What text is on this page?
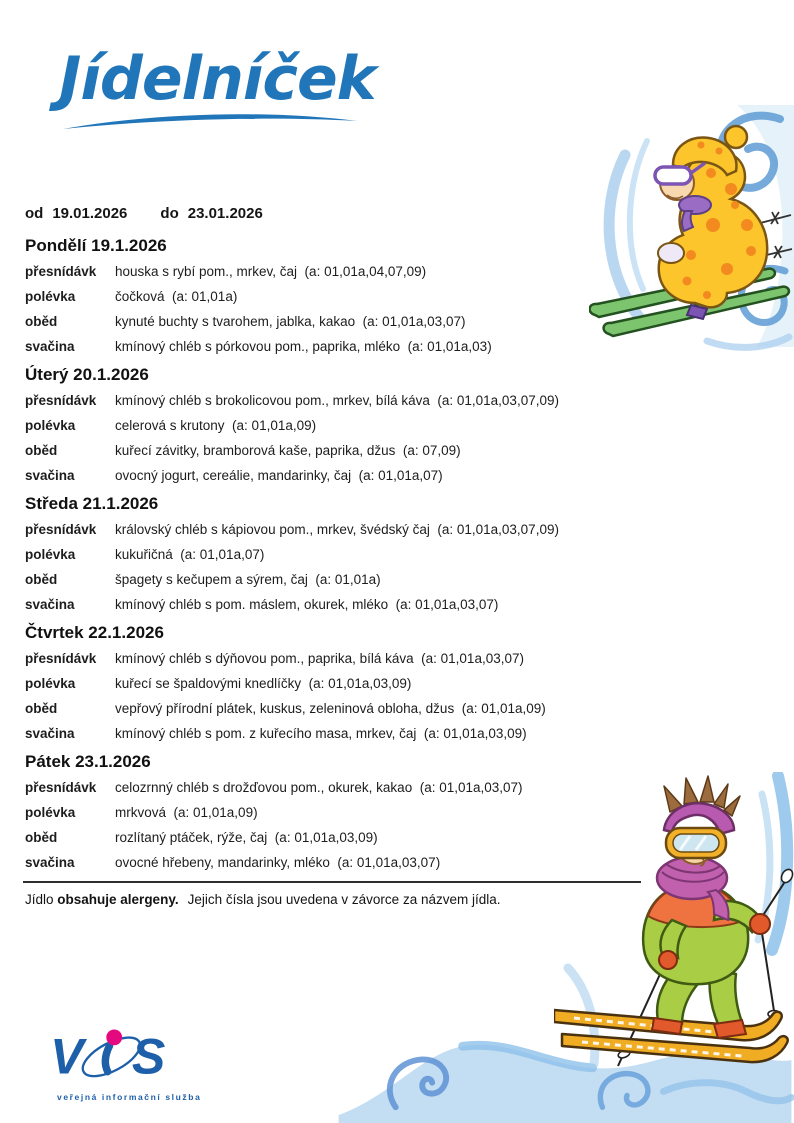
Jídelníček
od 19.01.2026 do 23.01.2026
Pondělí 19.1.2026
přesnídávk	houska s rybí pom., mrkev, čaj  (a: 01,01a,04,07,09)
polévka	čočková  (a: 01,01a)
oběd	kynuté buchty s tvarohem, jablka, kakao  (a: 01,01a,03,07)
svačina	kmínový chléb s pórkovou pom., paprika, mléko  (a: 01,01a,03)
Úterý 20.1.2026
přesnídávk	kmínový chléb s brokolicovou pom., mrkev, bílá káva  (a: 01,01a,03,07,09)
polévka	celerová s krutony  (a: 01,01a,09)
oběd	kuřecí závitky, bramborová kaše, paprika, džus  (a: 07,09)
svačina	ovocný jogurt, cereálie, mandarinky, čaj  (a: 01,01a,07)
Středa 21.1.2026
přesnídávk	královský chléb s kápiovou pom., mrkev, švédský čaj  (a: 01,01a,03,07,09)
polévka	kukuřičná  (a: 01,01a,07)
oběd	špagety s kečupem a sýrem, čaj  (a: 01,01a)
svačina	kmínový chléb s pom. máslem, okurek, mléko  (a: 01,01a,03,07)
Čtvrtek 22.1.2026
přesnídávk	kmínový chléb s dýňovou pom., paprika, bílá káva  (a: 01,01a,03,07)
polévka	kuřecí se špaldovými knedlíčky  (a: 01,01a,03,09)
oběd	vepřový přírodní plátek, kuskus, zeleninová obloha, džus  (a: 01,01a,09)
svačina	kmínový chléb s pom. z kuřecího masa, mrkev, čaj  (a: 01,01a,03,09)
Pátek 23.1.2026
přesnídávk	celozrnný chléb s drožďovou pom., okurek, kakao  (a: 01,01a,03,07)
polévka	mrkvová  (a: 01,01a,09)
oběd	rozlítaný ptáček, rýže, čaj  (a: 01,01a,03,09)
svačina	ovocné hřebeny, mandarinky, mléko  (a: 01,01a,03,07)

Jídlo obsahuje alergeny. Jejich čísla jsou uvedena v závorce za názvem jídla.

V S
veřejná informační služba
